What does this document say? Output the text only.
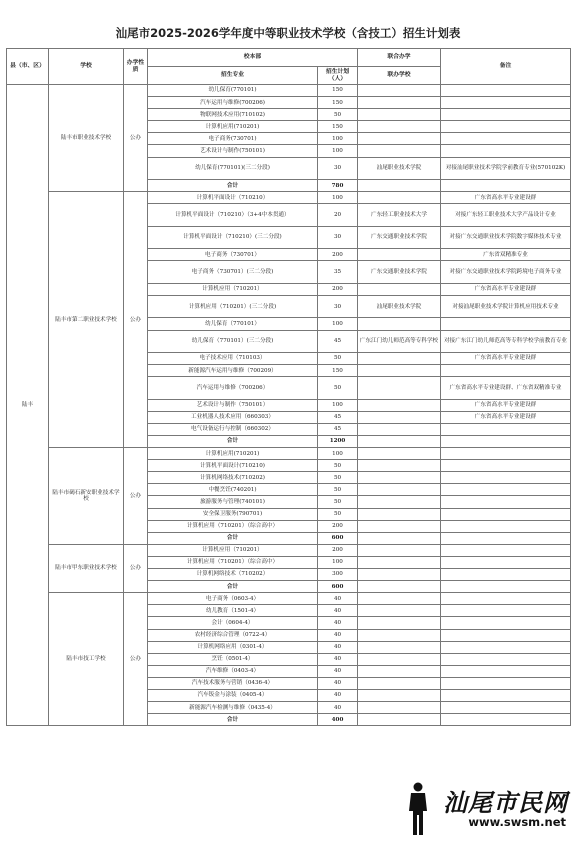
汕尾市2025-2026学年度中等职业技术学校（含技工）招生计划表
县（市、区）	学校	办学性质	校本部		联合办学	备注
			招生专业	招生计划（人）	联办学校	
陆丰	陆丰市职业技术学校	公办	幼儿保育(770101)	150		
			汽车运用与维修(700206)	150		
			物联网技术应用(710102)	50		
			计算机应用(710201)	150		
			电子商务(730701)	100		
			艺术设计与制作(750101)	100		
			幼儿保育(770101)(三二分段)	30	汕尾职业技术学院	对接汕尾职业技术学院学前教育专业(570102K)
			合计	780		
	陆丰市第二职业技术学校	公办	计算机平面设计（710210）	100		广东省高水平专业建设群
			计算机平面设计（710210）（3+4中本贯通）	20	广东轻工职业技术大学	对接广东轻工职业技术大学产品设计专业
			计算机平面设计（710210）(三二分段)	30	广东交通职业技术学院	对接广东交通职业技术学院数字媒体技术专业
			电子商务（730701）	200		广东省双精准专业
			电子商务（730701）(三二分段)	35	广东交通职业技术学院	对接广东交通职业技术学院跨境电子商务专业
			计算机应用（710201）	200		广东省高水平专业建设群
			计算机应用（710201）(三二分段)	30	汕尾职业技术学院	对接汕尾职业技术学院计算机应用技术专业
			幼儿保育（770101）	100		
			幼儿保育（770101）(三二分段)	45	广东江门幼儿师范高等专科学校	对接广东江门幼儿师范高等专科学校学前教育专业
			电子技术应用（710103）	50		广东省高水平专业建设群
			新能源汽车运用与维修（700209）	150		
			汽车运用与维修（700206）	50		广东省高水平专业建设群、广东省双精准专业
			艺术设计与制作（750101）	100		广东省高水平专业建设群
			工业机器人技术应用（660303）	45		广东省高水平专业建设群
			电气设备运行与控制（660302）	45		
			合计	1200		
	陆丰市碣石新安职业技术学校	公办	计算机应用(710201)	100		
			计算机平面设计(710210)	50		
			计算机网络技术(710202)	50		
			中餐烹饪(740201)	50		
			旅游服务与管理(740101)	50		
			安全保卫服务(790701)	50		
			计算机应用（710201）（综合高中）	200		
			合计	600		
	陆丰市甲东职业技术学校	公办	计算机应用（710201）	200		
			计算机应用（710201）（综合高中）	100		
			计算机网络技术（710202）	300		
			合计	600		
	陆丰市技工学校	公办	电子商务（0603-4）	40		
			幼儿教育（1501-4）	40		
			会计（0604-4）	40		
			农村经济综合管理（0722-4）	40		
			计算机网络应用（0301-4）	40		
			烹饪（0501-4）	40		
			汽车维修（0403-4）	40		
			汽车技术服务与营销（0436-4）	40		
			汽车钣金与涂装（0405-4）	40		
			新能源汽车检测与维修（0435-4）	40		
			合计	400		
汕尾市民网
www.swsm.net
